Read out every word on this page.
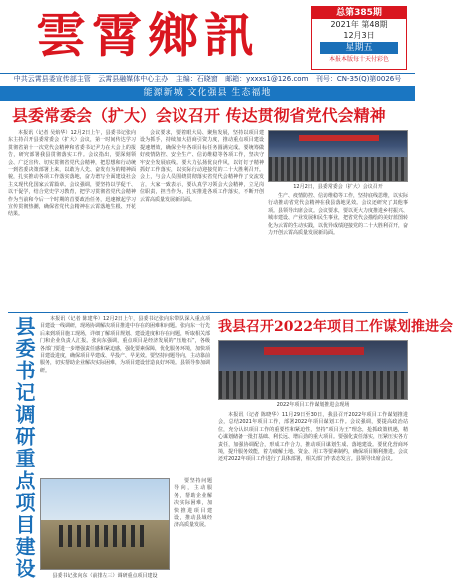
雲霄鄉訊	总第385期
2021年 第48期
12月3日
星期五
本报本版每十天付彩色
中共云霄县委宣传部主管 云霄县融媒体中心主办 主编：石晓窗 邮箱：yxxxs1@126.com 刊号：CN-35(Q)第0026号
能源新城 文化强县 生态福地
县委常委会（扩大）会议召开 传达贯彻省党代会精神

本报讯（记者 吴焰华）12月2日上午，县委书记张向东主持召开县委常委会（扩大）会议，第一时间传达学习贯彻省第十一次党代会精神和省委书记尹力在大会上的报告，研究部署我县贯彻落实工作。会议指出，要深刻领会、广泛宣传、切实贯彻省党代会精神，把思想和行动统一到省委决策部署上来，以敢为人先、奋发有为的精神面貌，扎实推动各项工作落实落地，奋力谱写全面建设社会主义现代化国家云霄篇章。会议强调，要坚持以学促干、以干促学，结合党史学习教育，把学习贯彻省党代会精神作为当前和今后一个时期的首要政治任务，迅速掀起学习宣传贯彻热潮，确保省党代会精神在云霄落地生根、开花结果。

会议要求，要着眼大局、聚焦发展，坚持以项目建设为抓手，持续加大招商引资力度，推动重点项目建设提速增效，确保全年各项目标任务圆满完成。要统筹做好疫情防控、安全生产、信访维稳等各项工作，坚决守牢安全发展底线。要大力弘扬优良作风，以钉钉子精神抓好工作落实，以实际行动迎接党的二十大胜利召开。会上，与会人员围绕贯彻落实省党代会精神作了交流发言，大家一致表示，要认真学习领会大会精神，立足岗位职责，担当作为，扎实推进各项工作落实，不断开创云霄高质量发展新局面。

12月2日，县委常委会（扩大）会议召开

生产、疫情防控、信访维稳等工作，坚持底线思维，以实际行动推动省党代会精神在我县落地见效。会议还研究了其他事项。县领导出席会议。会议要求，要以更大力度推进乡村振兴、城市建设、产业发展和民生事业，把省党代会描绘的美好蓝图转化为云霄的生动实践，以优异成绩迎接党的二十大胜利召开，奋力开创云霄高质量发展新局面。

县委书记调研重点项目建设	本报讯（记者 陈建华）12月2日上午，县委书记张向东带队深入重点项目建设一线调研，现场协调解决项目推进中存在的困难和问题。张向东一行先后来到项目施工现场，详细了解项目规划、建设进度和存在问题，听取相关部门和企业负责人汇报。张向东强调，重点项目是经济发展的“压舱石”，各级各部门要进一步增强责任感和紧迫感，强化要素保障，优化服务环境，加快项目建设进度，确保项目早建成、早投产、早见效。要坚持问题导向，主动靠前服务，切实帮助企业解决实际困难，为项目建设营造良好环境。县领导参加调研。

县委书记张向东（前排左三）调研重点项目建设

要坚持问题导向，主动服务，帮助企业解决实际困难，加快推进项目建设，推动县域经济高质量发展。

我县召开2022年项目工作谋划推进会
2022年项目工作谋划推进会现场

本报讯（记者 陈晓华）11月29日至30日，我县召开2022年项目工作谋划推进会，总结2021年项目工作，部署2022年项目谋划工作。会议强调，要提高政治站位，充分认识项目工作的重要性和紧迫性，坚持“项目为王”理念，抢抓政策机遇，精心谋划储备一批打基础、利长远、增后劲的重大项目。要强化责任落实，压紧压实各方责任，加强协调配合，形成工作合力，推动项目谋划生成、落地建设。要优化营商环境，提升服务效能，着力破解土地、资金、用工等要素制约，确保项目顺利推进。会议还对2022年项目工作进行了具体部署，相关部门作表态发言。县领导出席会议。
